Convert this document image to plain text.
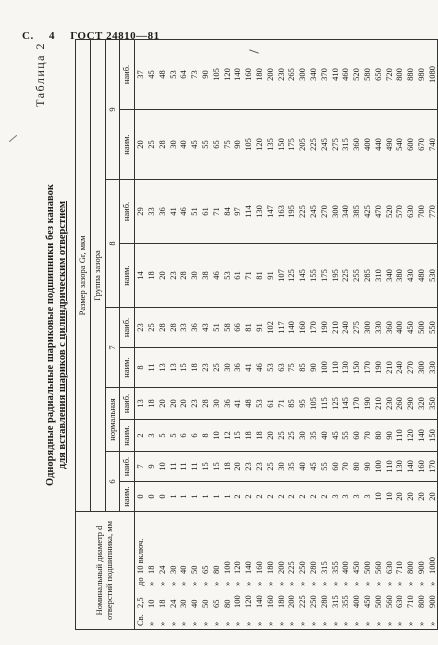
С. 4 ГОСТ 24810—81
Таблица 2
Однорядные радиальные шариковые подшипники без канавок для вставления шариков с цилиндрическим отверстием
Номинальный диаметр d отверстий подшипника, мм	Размер зазора Gr, мкм									
	Группа зазора									
	6		нормальная		7		8		9	
	наим.	наиб.	наим.	наиб.	наим.	наиб.	наим.	наиб.	наим.	наиб.
Св.2,5до10 включ.	0	7	2	13	8	23	14	29	20	37
»10»18	0	9	3	18	11	25	18	33	25	45
»18»24	0	10	5	20	13	28	20	36	28	48
»24»30	1	11	5	20	13	28	23	41	30	53
»30»40	1	11	6	20	15	33	28	46	40	64
»40»50	1	11	6	23	18	36	30	51	45	73
»50»65	1	15	8	28	23	43	38	61	55	90
»65»80	1	15	10	30	25	51	46	71	65	105
»80»100	1	18	12	36	30	58	53	84	75	120
»100»120	2	20	15	41	36	66	61	97	90	140
»120»140	2	23	18	48	41	81	71	114	105	160
»140»160	2	23	18	53	46	91	81	130	120	180
»160»180	2	25	20	61	53	102	91	147	135	200
»180»200	2	30	25	71	63	117	107	163	150	230
»200»225	2	35	25	85	75	140	125	195	175	265
»225»250	2	40	30	95	85	160	145	225	205	300
»250»280	2	45	35	105	90	170	155	245	225	340
»280»315	2	55	40	115	100	190	175	270	245	370
»315»355	3	60	45	125	110	210	195	300	275	410
»355»400	3	70	55	145	130	240	225	340	315	460
»400»450	3	80	60	170	150	275	255	385	360	520
»450»500	3	90	70	190	170	300	285	425	400	580
»500»560	10	100	80	210	190	330	310	470	440	650
»560»630	10	110	90	230	210	360	340	520	490	720
»630»710	20	130	110	260	240	400	380	570	540	800
»710»800	20	140	120	290	270	450	430	630	600	880
»800»900	20	160	140	320	300	500	480	700	670	980
»900»1000	20	170	150	350	330	550	530	770	740	1080
